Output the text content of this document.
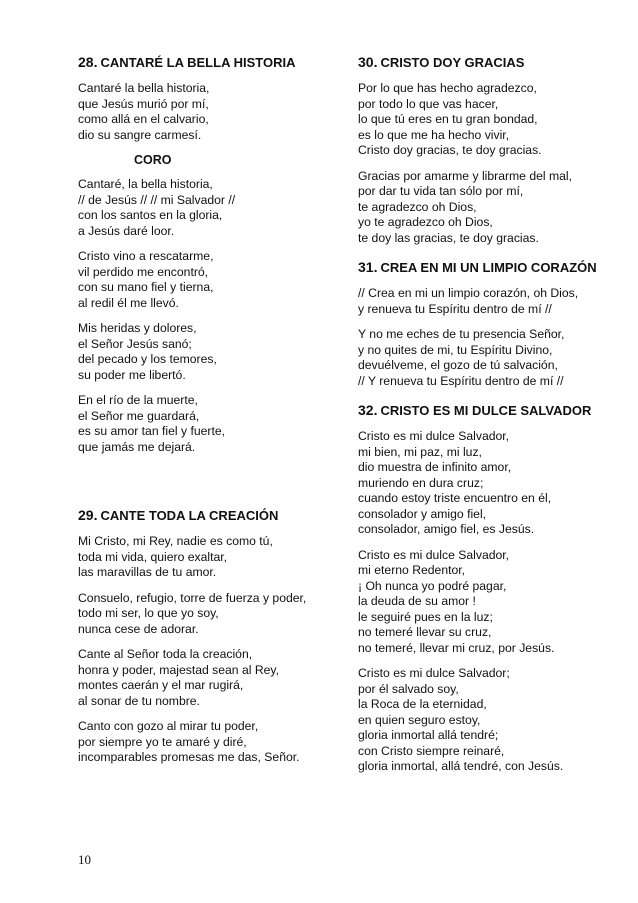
28. CANTARÉ LA BELLA HISTORIA
Cantaré la bella historia,
que Jesús murió por mí,
como allá en el calvario,
dio su sangre carmesí.
CORO
Cantaré, la bella historia,
// de Jesús // // mi Salvador //
con los santos en la gloria,
a Jesús daré loor.
Cristo vino a rescatarme,
vil perdido me encontró,
con su mano fiel y tierna,
al redil él me llevó.
Mis heridas y dolores,
el Señor Jesús sanó;
del pecado y los temores,
su poder me libertó.
En el río de la muerte,
el Señor me guardará,
es su amor tan fiel y fuerte,
que jamás me dejará.
29. CANTE TODA LA CREACIÓN
Mi Cristo, mi Rey, nadie es como tú,
toda mi vida, quiero exaltar,
las maravillas de tu amor.
Consuelo, refugio, torre de fuerza y poder,
todo mi ser, lo que yo soy,
nunca cese de adorar.
Cante al Señor toda la creación,
honra y poder, majestad sean al Rey,
montes caerán y el mar rugirá,
al sonar de tu nombre.
Canto con gozo al mirar tu poder,
por siempre yo te amaré y diré,
incomparables promesas me das, Señor.
30. CRISTO DOY GRACIAS
Por lo que has hecho agradezco,
por todo lo que vas hacer,
lo que tú eres en tu gran bondad,
es lo que me ha hecho vivir,
Cristo doy gracias, te doy gracias.
Gracias por amarme y librarme del mal,
por dar tu vida tan sólo por mí,
te agradezco oh Dios,
yo te agradezco oh Dios,
te doy las gracias, te doy gracias.
31. CREA EN MI UN LIMPIO CORAZÓN
// Crea en mi un limpio corazón, oh Dios,
y renueva tu Espíritu dentro de mí //
Y no me eches de tu presencia Señor,
y no quites de mi, tu Espíritu Divino,
devuélveme, el gozo de tú salvación,
// Y renueva tu Espíritu dentro de mí //
32. CRISTO ES MI DULCE SALVADOR
Cristo es mi dulce Salvador,
mi bien, mi paz, mi luz,
dio muestra de infinito amor,
muriendo en dura cruz;
cuando estoy triste encuentro en él,
consolador y amigo fiel,
consolador, amigo fiel, es Jesús.
Cristo es mi dulce Salvador,
mi eterno Redentor,
¡ Oh nunca yo podré pagar,
la deuda de su amor !
le seguiré pues en la luz;
no temeré llevar su cruz,
no temeré, llevar mi cruz, por Jesús.
Cristo es mi dulce Salvador;
por él salvado soy,
la Roca de la eternidad,
en quien seguro estoy,
gloria inmortal allá tendré;
con Cristo siempre reinaré,
gloria inmortal, allá tendré, con Jesús.
10
